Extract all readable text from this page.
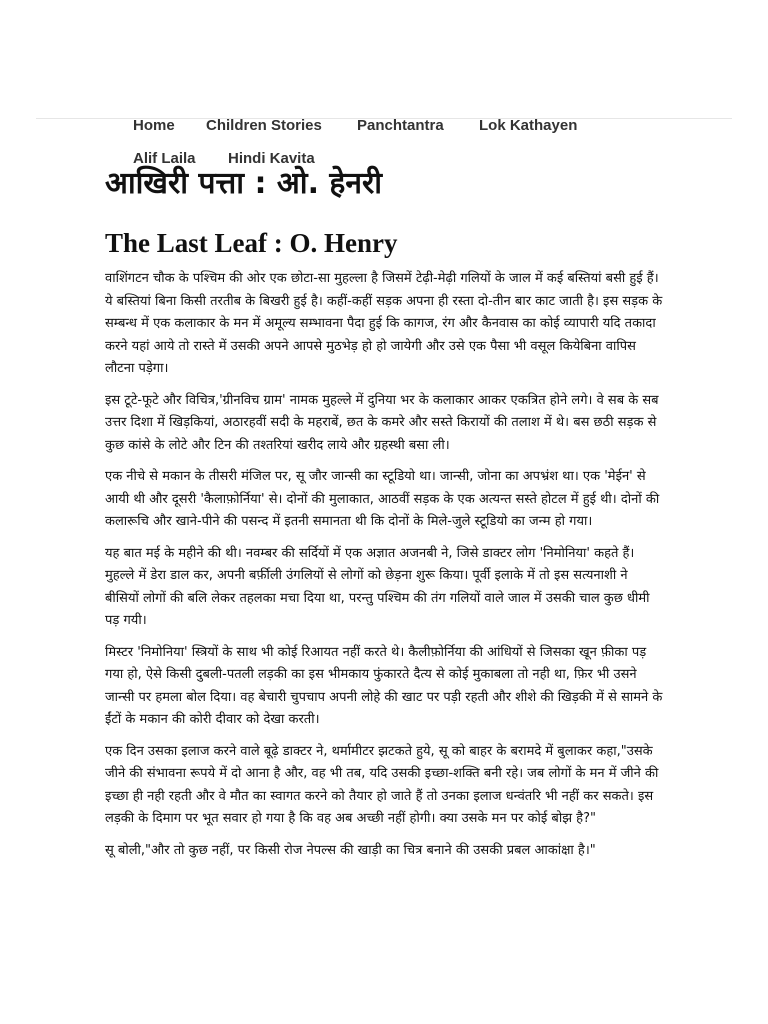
Home Children Stories Panchtantra Lok Kathayen
Alif Laila Hindi Kavita
आखिरी पत्ता : ओ. हेनरी
The Last Leaf : O. Henry

वाशिंगटन चौक के पश्चिम की ओर एक छोटा-सा मुहल्ला है जिसमें टेढ़ी-मेढ़ी गलियों के जाल में कई बस्तियां बसी हुई हैं। ये बस्तियां बिना किसी तरतीब के बिखरी हुई है। कहीं-कहीं सड़क अपना ही रस्ता दो-तीन बार काट जाती है। इस सड़क के सम्बन्ध में एक कलाकार के मन में अमूल्य सम्भावना पैदा हुई कि कागज, रंग और कैनवास का कोई व्यापारी यदि तकादा करने यहां आये तो रास्ते में उसकी अपने आपसे मुठभेड़ हो हो जायेगी और उसे एक पैसा भी वसूल कियेबिना वापिस लौटना पड़ेगा।

इस टूटे-फूटे और विचित्र,'ग्रीनविच ग्राम' नामक मुहल्ले में दुनिया भर के कलाकार आकर एकत्रित होने लगे। वे सब के सब उत्तर दिशा में खिड़कियां, अठारहवीं सदी के महराबें, छत के कमरे और सस्ते किरायों की तलाश में थे। बस छठी सड़क से कुछ कांसे के लोटे और टिन की तश्तरियां खरीद लाये और ग्रहस्थी बसा ली।

एक नीचे से मकान के तीसरी मंजिल पर, सू जौर जान्सी का स्टूडियो था। जान्सी, जोना का अपभ्रंश था। एक 'मेईन' से आयी थी और दूसरी 'कैलाफ़ोर्निया' से। दोनों की मुलाकात, आठवीं सड़क के एक अत्यन्त सस्ते होटल में हुई थी। दोनों की कलारूचि और खाने-पीने की पसन्द में इतनी समानता थी कि दोनों के मिले-जुले स्टूडियो का जन्म हो गया।

यह बात मई के महीने की थी। नवम्बर की सर्दियों में एक अज्ञात अजनबी ने, जिसे डाक्टर लोग 'निमोनिया' कहते हैं। मुहल्ले में डेरा डाल कर, अपनी बर्फ़ीली उंगलियों से लोगों को छेड़ना शुरू किया। पूर्वी इलाके में तो इस सत्यनाशी ने बीसियों लोगों की बलि लेकर तहलका मचा दिया था, परन्तु पश्चिम की तंग गलियों वाले जाल में उसकी चाल कुछ धीमी पड़ गयी।

मिस्टर 'निमोनिया' स्त्रियों के साथ भी कोई रिआयत नहीं करते थे। कैलीफ़ोर्निया की आंधियों से जिसका खून फ़ीका पड़ गया हो, ऐसे किसी दुबली-पतली लड़की का इस भीमकाय फुंकारते दैत्य से कोई मुकाबला तो नही था, फ़िर भी उसने जान्सी पर हमला बोल दिया। वह बेचारी चुपचाप अपनी लोहे की खाट पर पड़ी रहती और शीशे की खिड़की में से सामने के ईंटों के मकान की कोरी दीवार को देखा करती।

एक दिन उसका इलाज करने वाले बूढ़े डाक्टर ने, थर्मामीटर झटकते हुये, सू को बाहर के बरामदे में बुलाकर कहा,"उसके जीने की संभावना रूपये में दो आना है और, वह भी तब, यदि उसकी इच्छा-शक्ति बनी रहे। जब लोगों के मन में जीने की इच्छा ही नही रहती और वे मौत का स्वागत करने को तैयार हो जाते हैं तो उनका इलाज धन्वंतरि भी नहीं कर सकते। इस लड़की के दिमाग पर भूत सवार हो गया है कि वह अब अच्छी नहीं होगी। क्या उसके मन पर कोई बोझ है?"

सू बोली,"और तो कुछ नहीं, पर किसी रोज नेपल्स की खाड़ी का चित्र बनाने की उसकी प्रबल आकांक्षा है।"
